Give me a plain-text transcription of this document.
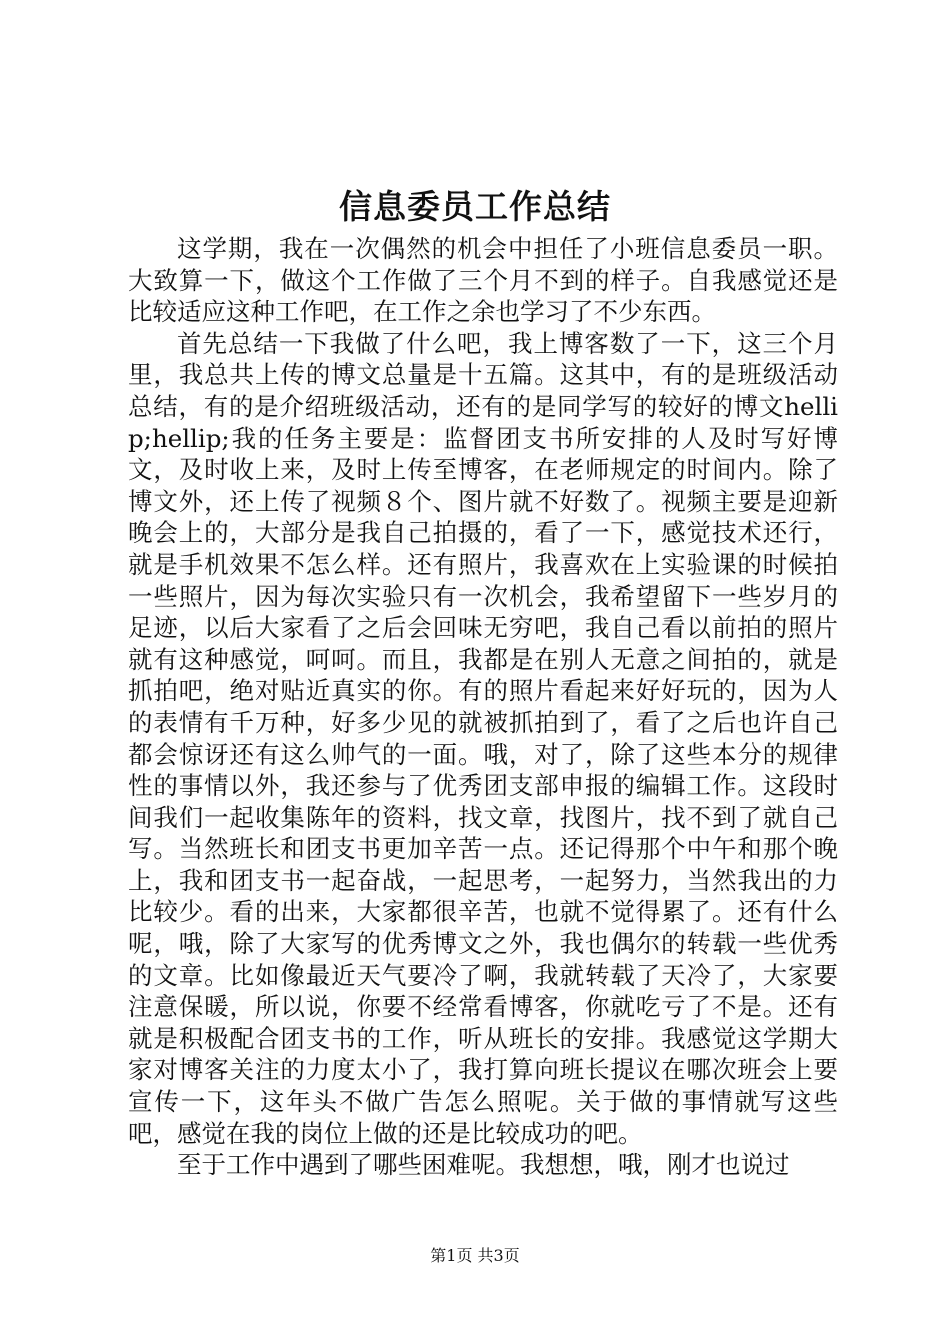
信息委员工作总结

这学期，我在一次偶然的机会中担任了小班信息委员一职。大致算一下，做这个工作做了三个月不到的样子。自我感觉还是比较适应这种工作吧，在工作之余也学习了不少东西。

首先总结一下我做了什么吧，我上博客数了一下，这三个月里，我总共上传的博文总量是十五篇。这其中，有的是班级活动总结，有的是介绍班级活动，还有的是同学写的较好的博文hellip;hellip;我的任务主要是：监督团支书所安排的人及时写好博文，及时收上来，及时上传至博客，在老师规定的时间内。除了博文外，还上传了视频８个、图片就不好数了。视频主要是迎新晚会上的，大部分是我自己拍摄的，看了一下，感觉技术还行，就是手机效果不怎么样。还有照片，我喜欢在上实验课的时候拍一些照片，因为每次实验只有一次机会，我希望留下一些岁月的足迹，以后大家看了之后会回味无穷吧，我自己看以前拍的照片就有这种感觉，呵呵。而且，我都是在别人无意之间拍的，就是抓拍吧，绝对贴近真实的你。有的照片看起来好好玩的，因为人的表情有千万种，好多少见的就被抓拍到了，看了之后也许自己都会惊讶还有这么帅气的一面。哦，对了，除了这些本分的规律性的事情以外，我还参与了优秀团支部申报的编辑工作。这段时间我们一起收集陈年的资料，找文章，找图片，找不到了就自己写。当然班长和团支书更加辛苦一点。还记得那个中午和那个晚上，我和团支书一起奋战，一起思考，一起努力，当然我出的力比较少。看的出来，大家都很辛苦，也就不觉得累了。还有什么呢，哦，除了大家写的优秀博文之外，我也偶尔的转载一些优秀的文章。比如像最近天气要冷了啊，我就转载了天冷了，大家要注意保暖，所以说，你要不经常看博客，你就吃亏了不是。还有就是积极配合团支书的工作，听从班长的安排。我感觉这学期大家对博客关注的力度太小了，我打算向班长提议在哪次班会上要宣传一下，这年头不做广告怎么照呢。关于做的事情就写这些吧，感觉在我的岗位上做的还是比较成功的吧。

至于工作中遇到了哪些困难呢。我想想，哦，刚才也说过

第1页 共3页
